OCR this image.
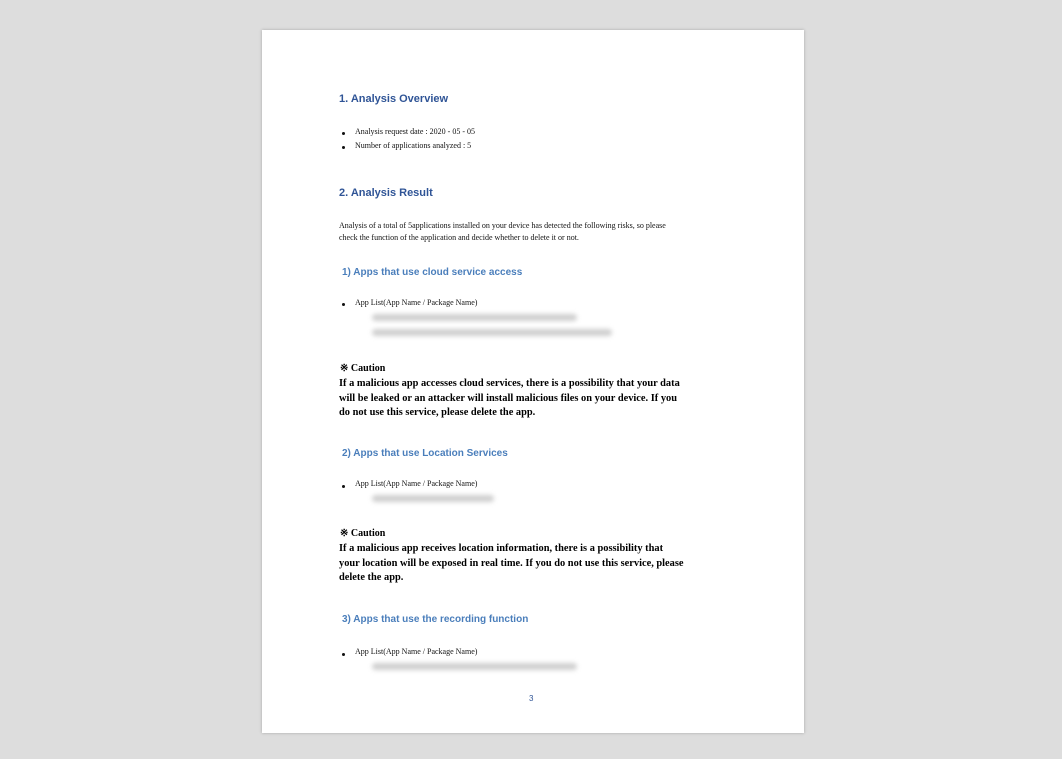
1. Analysis Overview
Analysis request date : 2020 - 05 - 05
Number of applications analyzed : 5
2. Analysis Result
Analysis of a total of 5applications installed on your device has detected the following risks, so please
check the function of the application and decide whether to delete it or not.
1) Apps that use cloud service access
App List(App Name / Package Name)
※ Caution
If a malicious app accesses cloud services, there is a possibility that your data
will be leaked or an attacker will install malicious files on your device. If you
do not use this service, please delete the app.
2) Apps that use Location Services
App List(App Name / Package Name)
※ Caution
If a malicious app receives location information, there is a possibility that
your location will be exposed in real time. If you do not use this service, please
delete the app.
3) Apps that use the recording function
App List(App Name / Package Name)
3
